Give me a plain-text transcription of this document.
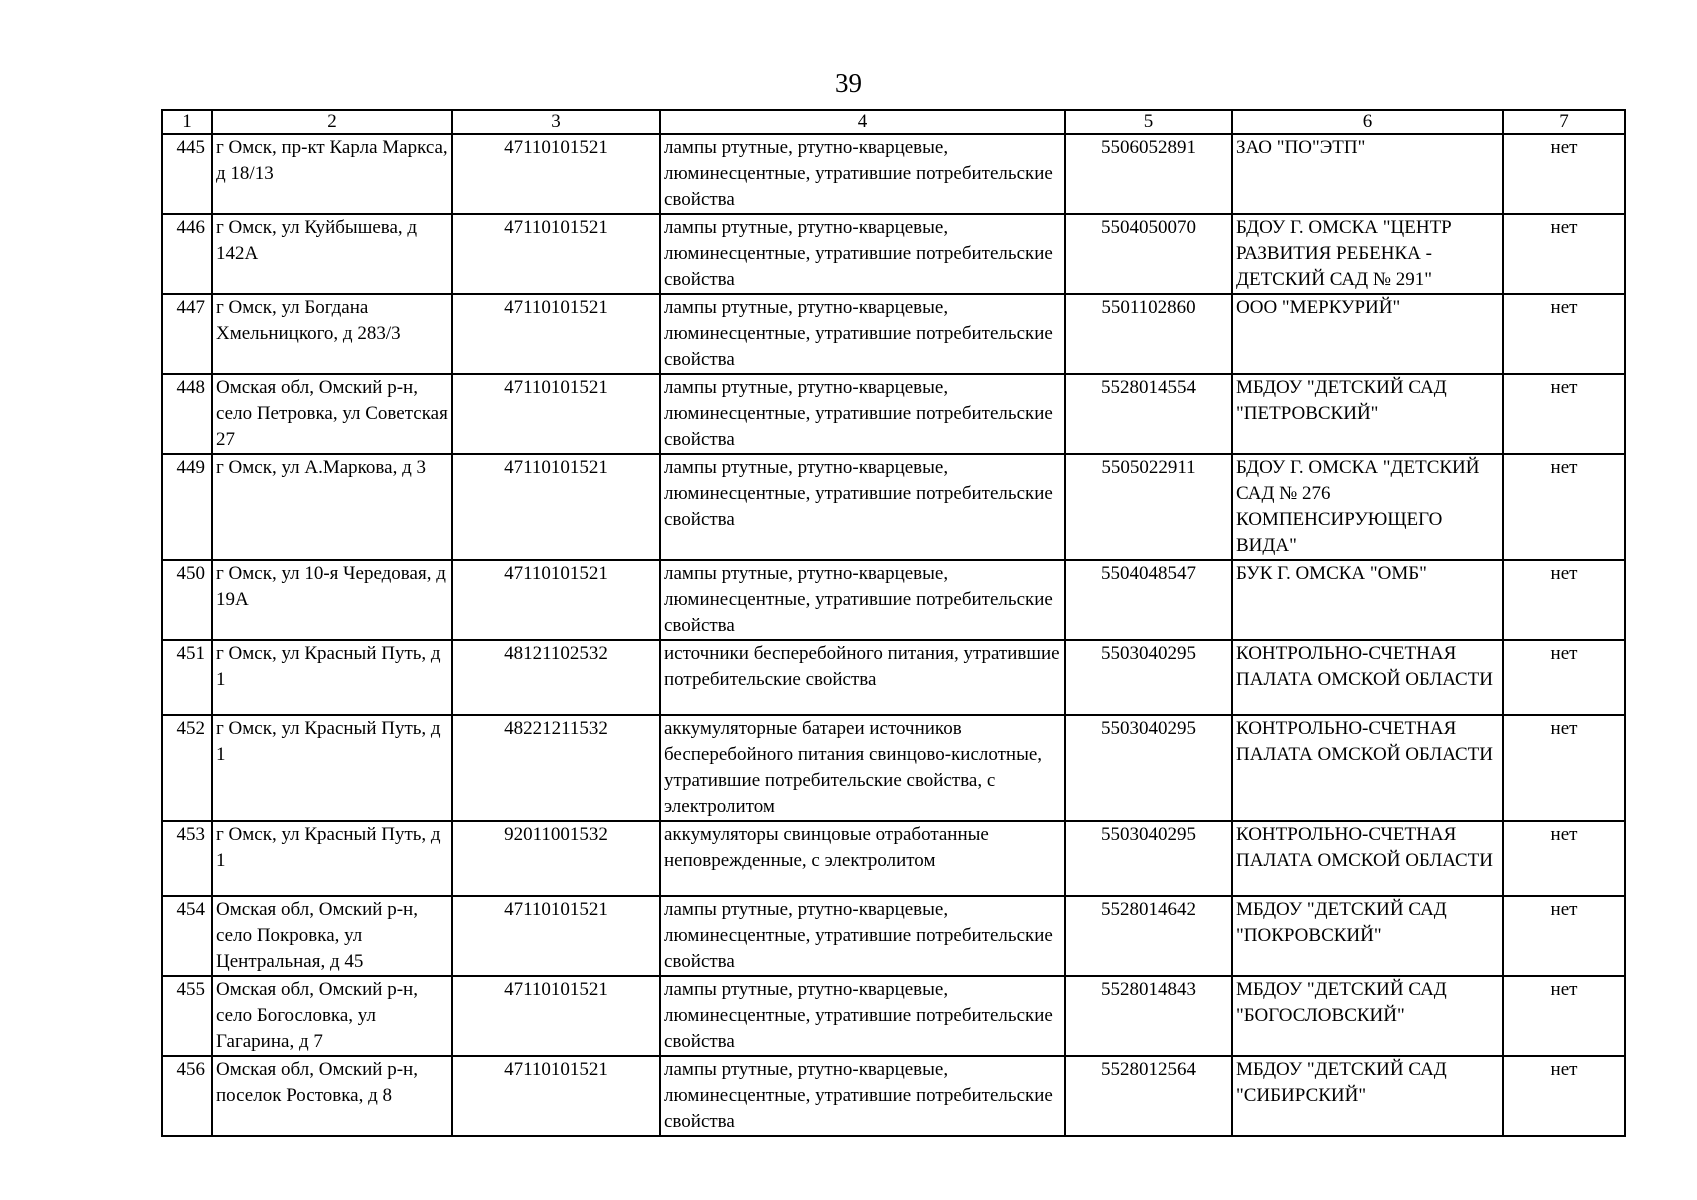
39
1	2	3	4	5	6	7
445	г Омск, пр-кт Карла Маркса, д 18/13	47110101521	лампы ртутные, ртутно-кварцевые, люминесцентные, утратившие потребительские свойства	5506052891	ЗАО "ПО"ЭТП"	нет
446	г Омск, ул Куйбышева, д 142А	47110101521	лампы ртутные, ртутно-кварцевые, люминесцентные, утратившие потребительские свойства	5504050070	БДОУ Г. ОМСКА "ЦЕНТР РАЗВИТИЯ РЕБЕНКА - ДЕТСКИЙ САД № 291"	нет
447	г Омск, ул Богдана Хмельницкого, д 283/3	47110101521	лампы ртутные, ртутно-кварцевые, люминесцентные, утратившие потребительские свойства	5501102860	ООО "МЕРКУРИЙ"	нет
448	Омская обл, Омский р-н, село Петровка, ул Советская 27	47110101521	лампы ртутные, ртутно-кварцевые, люминесцентные, утратившие потребительские свойства	5528014554	МБДОУ "ДЕТСКИЙ САД "ПЕТРОВСКИЙ"	нет
449	г Омск, ул А.Маркова, д 3	47110101521	лампы ртутные, ртутно-кварцевые, люминесцентные, утратившие потребительские свойства	5505022911	БДОУ Г. ОМСКА "ДЕТСКИЙ САД № 276 КОМПЕНСИРУЮЩЕГО ВИДА"	нет
450	г Омск, ул 10-я Чередовая, д 19А	47110101521	лампы ртутные, ртутно-кварцевые, люминесцентные, утратившие потребительские свойства	5504048547	БУК Г. ОМСКА "ОМБ"	нет
451	г Омск, ул Красный Путь, д 1	48121102532	источники бесперебойного питания, утратившие потребительские свойства	5503040295	КОНТРОЛЬНО-СЧЕТНАЯ ПАЛАТА ОМСКОЙ ОБЛАСТИ	нет
452	г Омск, ул Красный Путь, д 1	48221211532	аккумуляторные батареи источников бесперебойного питания свинцово-кислотные, утратившие потребительские свойства, с электролитом	5503040295	КОНТРОЛЬНО-СЧЕТНАЯ ПАЛАТА ОМСКОЙ ОБЛАСТИ	нет
453	г Омск, ул Красный Путь, д 1	92011001532	аккумуляторы свинцовые отработанные неповрежденные, с электролитом	5503040295	КОНТРОЛЬНО-СЧЕТНАЯ ПАЛАТА ОМСКОЙ ОБЛАСТИ	нет
454	Омская обл, Омский р-н, село Покровка, ул Центральная, д 45	47110101521	лампы ртутные, ртутно-кварцевые, люминесцентные, утратившие потребительские свойства	5528014642	МБДОУ "ДЕТСКИЙ САД "ПОКРОВСКИЙ"	нет
455	Омская обл, Омский р-н, село Богословка, ул Гагарина, д 7	47110101521	лампы ртутные, ртутно-кварцевые, люминесцентные, утратившие потребительские свойства	5528014843	МБДОУ "ДЕТСКИЙ САД "БОГОСЛОВСКИЙ"	нет
456	Омская обл, Омский р-н, поселок Ростовка, д 8	47110101521	лампы ртутные, ртутно-кварцевые, люминесцентные, утратившие потребительские свойства	5528012564	МБДОУ "ДЕТСКИЙ САД "СИБИРСКИЙ"	нет
